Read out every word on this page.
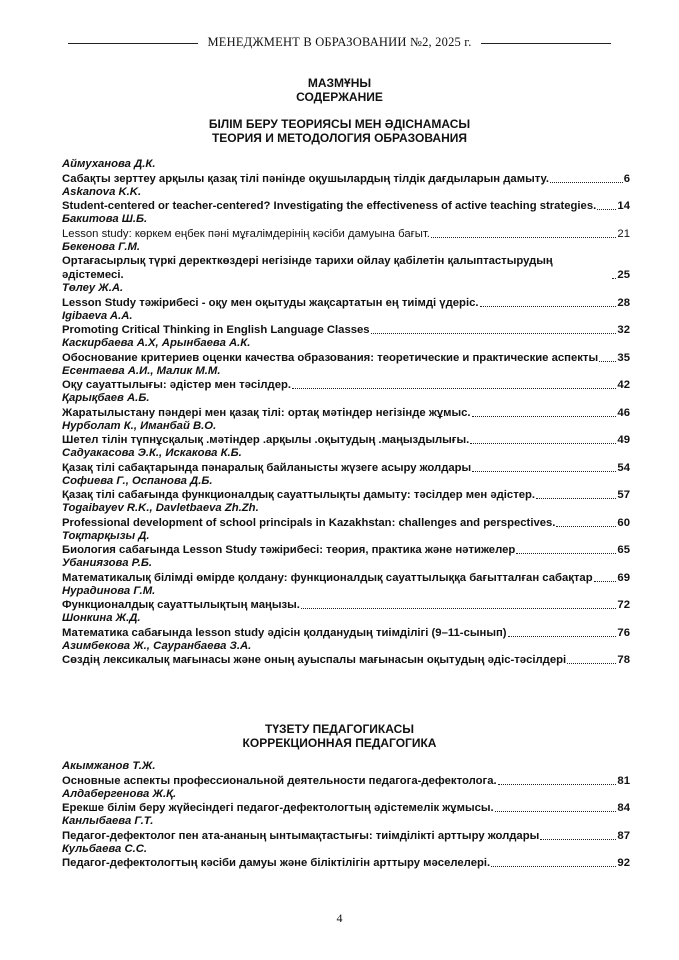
МЕНЕДЖМЕНТ В ОБРАЗОВАНИИ №2, 2025 г.
МАЗМҰНЫ
СОДЕРЖАНИЕ
БІЛІМ БЕРУ ТЕОРИЯСЫ МЕН ӘДІСНАМАСЫ
ТЕОРИЯ И МЕТОДОЛОГИЯ ОБРАЗОВАНИЯ
Аймуханова Д.К.
Сабақты зерттеу арқылы қазақ тілі пәнінде оқушылардың тілдік дағдыларын дамыту.	6
Askanova K.K.
Student-centered or teacher-centered? Investigating the effectiveness of active teaching strategies. 14
Бакитова Ш.Б.
Lesson study: көркем еңбек пәні мұғалімдерінің кәсіби дамуына бағыт.	21
Бекенова Г.М.
Ортағасырлық түркі деректкөздері негізінде тарихи ойлау қабілетін қалыптастырудың әдістемесі.	25
Төлеу Ж.А.
Lesson Study тәжірибесі - оқу мен оқытуды жақсартатын ең тиімді үдеріс.	28
Igibaeva A.A.
Promoting Critical Thinking in English Language Classes	32
Каскирбаева А.Х, Арынбаева А.К.
Обоснование критериев оценки качества образования: теоретические и практические аспекты 35
Есентаева А.И., Малик М.М.
Оқу сауаттылығы: әдістер мен тәсілдер.	42
Қарықбаев А.Б.
Жаратылыстану пәндері мен қазақ тілі: ортақ мәтіндер негізінде жұмыс.	46
Нурболат К., Иманбай В.О.
Шетел тілін түпнұсқалық .мәтіндер .арқылы .оқытудың .маңыздылығы.	49
Садуакасова Э.К., Искакова К.Б.
Қазақ тілі сабақтарында пәнаралық байланысты жүзеге асыру жолдары	54
Софиева Г., Оспанова Д.Б.
Қазақ тілі сабағында функционалдық сауаттылықты дамыту: тәсілдер мен әдістер.	57
Togaibayev R.K., Davletbaeva Zh.Zh.
Professional development of school principals in Kazakhstan: challenges and perspectives.	60
Тоқтарқызы Д.
Биология сабағында Lesson Study тәжірибесі: теория, практика және нәтижелер	65
Убаниязова Р.Б.
Математикалық білімді өмірде қолдану: функционалдық сауаттылыққа бағытталған сабақтар 69
Нурадинова Г.М.
Функционалдық сауаттылықтың маңызы.	72
Шонкина Ж.Д.
Математика сабағында lesson study әдісін қолданудың тиімділігі (9–11-сынып)	76
Азимбекова Ж., Сауранбаева З.А.
Сөздің лексикалық мағынасы және оның ауыспалы мағынасын оқытудың әдіс-тәсілдері	78
ТҮЗЕТУ ПЕДАГОГИКАСЫ
КОРРЕКЦИОННАЯ ПЕДАГОГИКА
Акымжанов Т.Ж.
Основные аспекты профессиональной деятельности педагога-дефектолога.	81
Алдабергенова Ж.Қ.
Ерекше білім беру жүйесіндегі педагог-дефектологтың әдістемелік жұмысы.	84
Канлыбаева Г.Т.
Педагог-дефектолог пен ата-ананың ынтымақтастығы: тиімділікті арттыру жолдары	87
Кульбаева С.С.
Педагог-дефектологтың кәсіби дамуы және біліктілігін арттыру мәселелері.	92
4
